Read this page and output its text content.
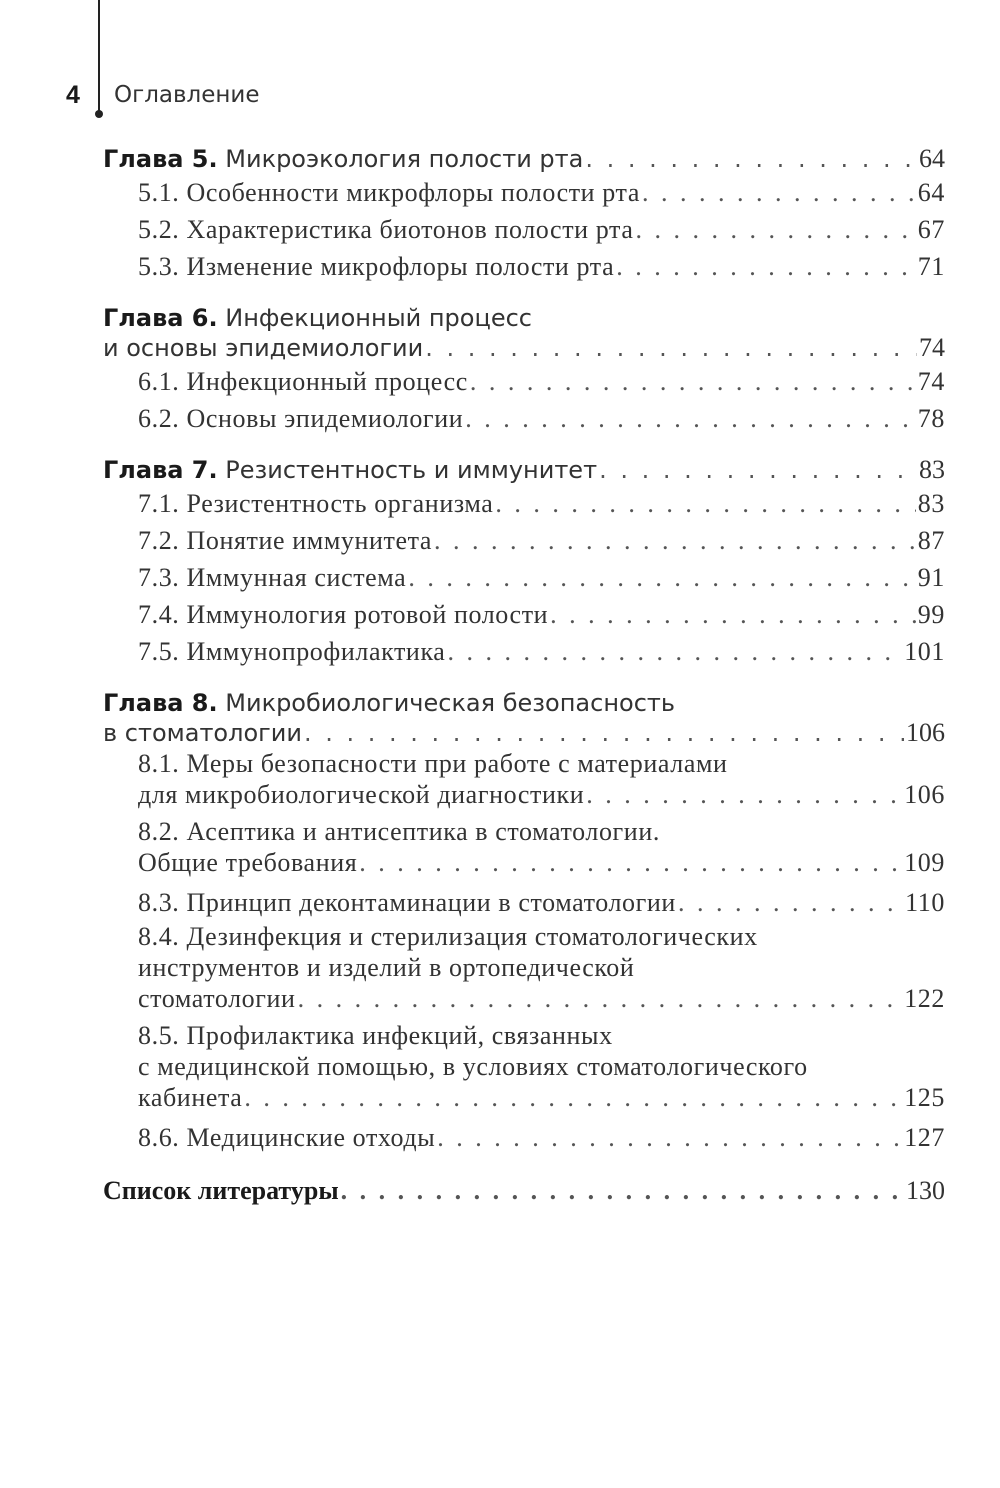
4 Оглавление
Глава 5. Микроэкология полости рта . . .	64
5.1. Особенности микрофлоры полости рта . . .	64
5.2. Характеристика биотонов полости рта . . .	67
5.3. Изменение микрофлоры полости рта . . .	71
Глава 6. Инфекционный процесс
и основы эпидемиологии . . .	74
6.1. Инфекционный процесс . . .	74
6.2. Основы эпидемиологии . . .	78
Глава 7. Резистентность и иммунитет . . .	83
7.1. Резистентность организма . . .	83
7.2. Понятие иммунитета . . .	87
7.3. Иммунная система . . .	91
7.4. Иммунология ротовой полости . . .	99
7.5. Иммунопрофилактика . . .	101
Глава 8. Микробиологическая безопасность
в стоматологии . . .	106
8.1. Меры безопасности при работе с материалами
для микробиологической диагностики . . .	106
8.2. Асептика и антисептика в стоматологии.
Общие требования . . .	109
8.3. Принцип деконтаминации в стоматологии . . .	110
8.4. Дезинфекция и стерилизация стоматологических
инструментов и изделий в ортопедической
стоматологии . . .	122
8.5. Профилактика инфекций, связанных
с медицинской помощью, в условиях стоматологического
кабинета . . .	125
8.6. Медицинские отходы . . .	127
Список литературы . . .	130
